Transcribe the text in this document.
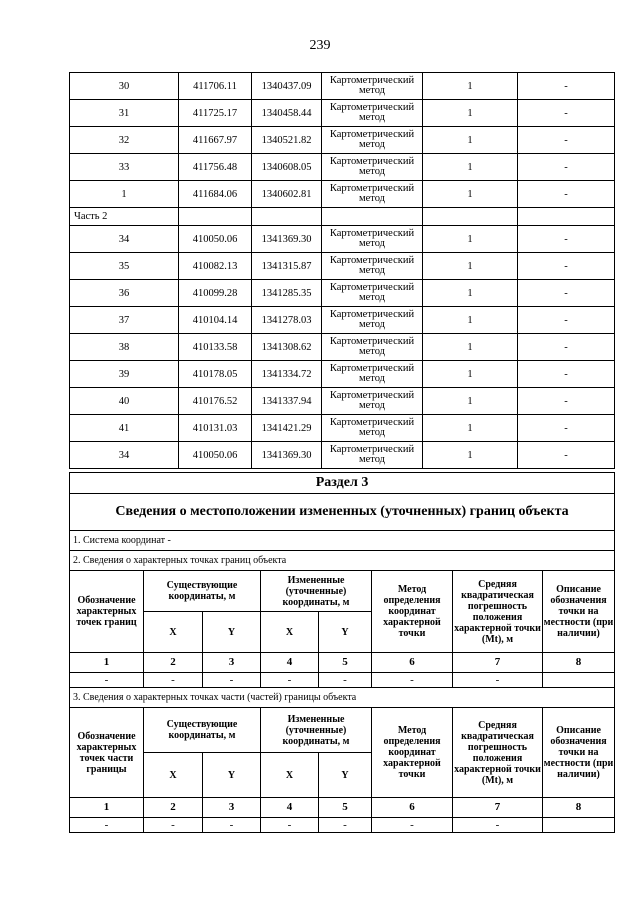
239
30	411706.11	1340437.09	Картометрический метод	1	-
31	411725.17	1340458.44	Картометрический метод	1	-
32	411667.97	1340521.82	Картометрический метод	1	-
33	411756.48	1340608.05	Картометрический метод	1	-
1	411684.06	1340602.81	Картометрический метод	1	-
Часть 2					
34	410050.06	1341369.30	Картометрический метод	1	-
35	410082.13	1341315.87	Картометрический метод	1	-
36	410099.28	1341285.35	Картометрический метод	1	-
37	410104.14	1341278.03	Картометрический метод	1	-
38	410133.58	1341308.62	Картометрический метод	1	-
39	410178.05	1341334.72	Картометрический метод	1	-
40	410176.52	1341337.94	Картометрический метод	1	-
41	410131.03	1341421.29	Картометрический метод	1	-
34	410050.06	1341369.30	Картометрический метод	1	-
Раздел 3							
Сведения о местоположении измененных (уточненных) границ объекта							
1. Система координат -							
2. Сведения о характерных точках границ объекта							
Обозначение характерных точек границ	Существующие координаты, м		Измененные (уточненные) координаты, м		Метод определения координат характерной точки	Средняя квадратическая погрешность положения характерной точки (Mt), м	Описание обозначения точки на местности (при наличии)
	X	Y	X	Y			
1	2	3	4	5	6	7	8
-	-	-	-	-	-	-	
3. Сведения о характерных точках части (частей) границы объекта							
Обозначение характерных точек части границы	Существующие координаты, м		Измененные (уточненные) координаты, м		Метод определения координат характерной точки	Средняя квадратическая погрешность положения характерной точки (Mt), м	Описание обозначения точки на местности (при наличии)
	X	Y	X	Y			
1	2	3	4	5	6	7	8
-	-	-	-	-	-	-	
